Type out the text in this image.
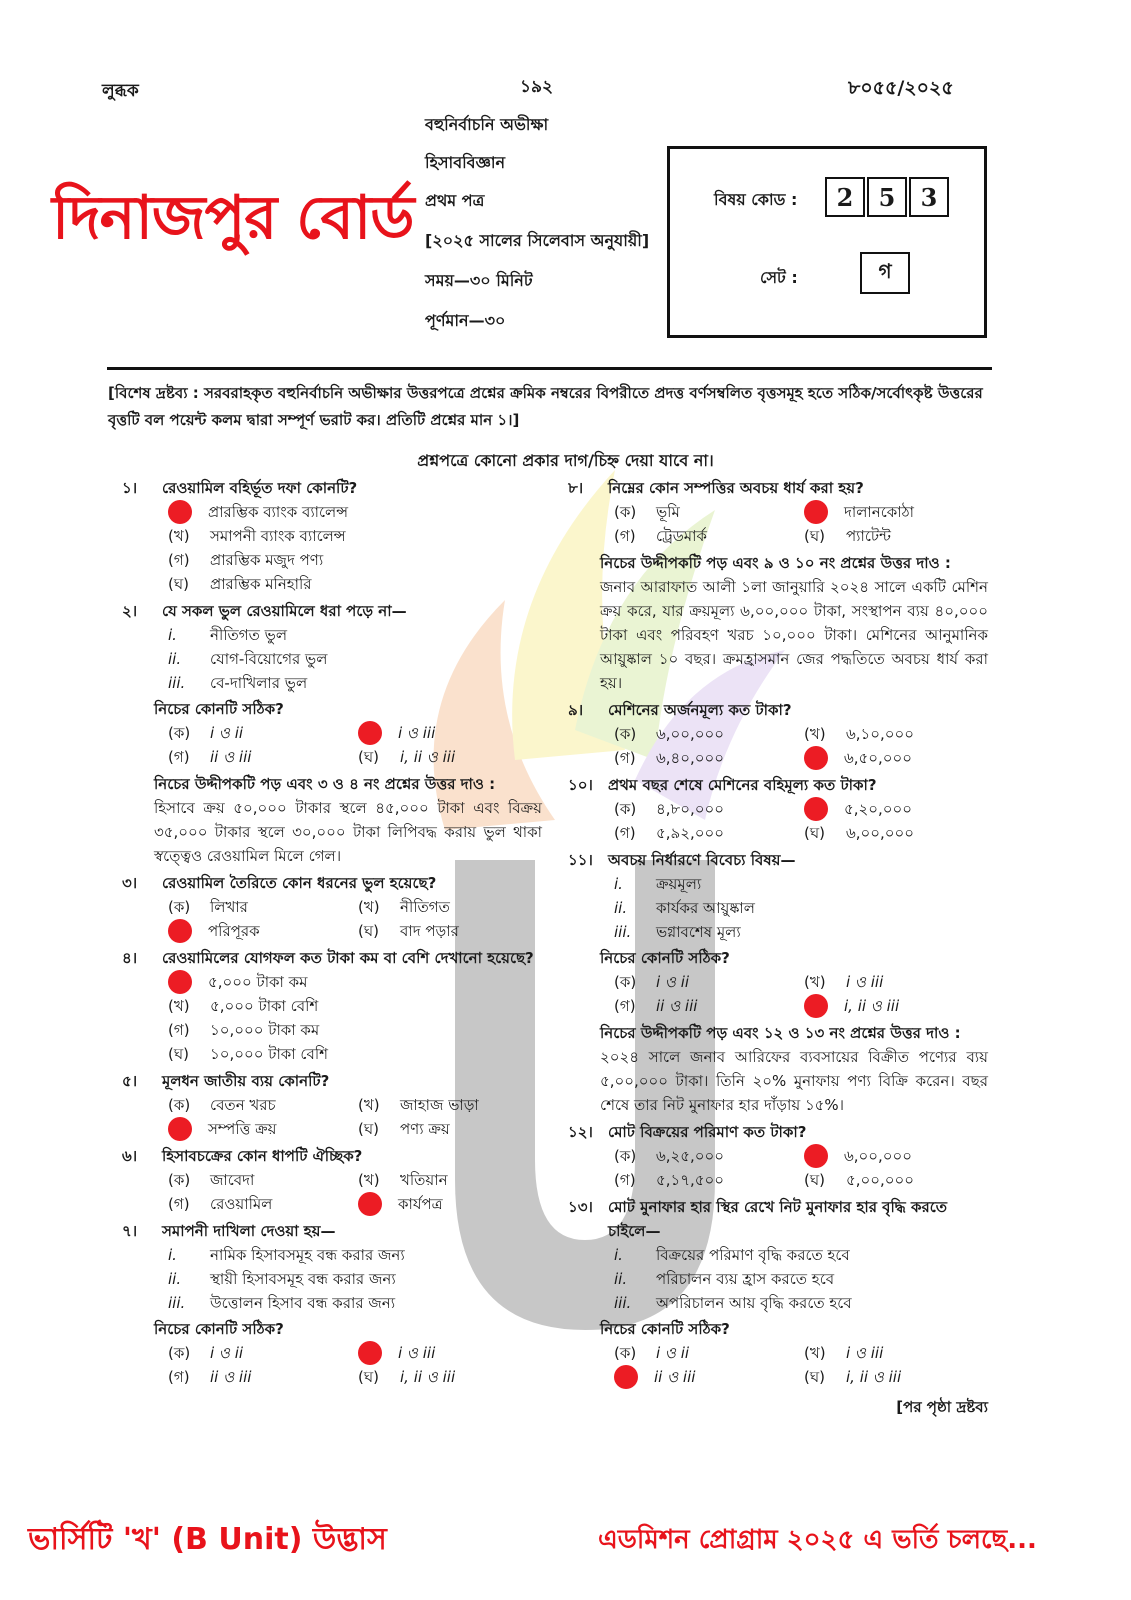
লুব্ধক	১৯২	৮০৫৫/২০২৫
দিনাজপুর বোর্ড
বহুনির্বাচনি অভীক্ষা
হিসাববিজ্ঞান
প্রথম পত্র
[২০২৫ সালের সিলেবাস অনুযায়ী]
সময়—৩০ মিনিট
পূর্ণমান—৩০
বিষয় কোড :	2	5	3
সেট :	গ
[বিশেষ দ্রষ্টব্য : সরবরাহকৃত বহুনির্বাচনি অভীক্ষার উত্তরপত্রে প্রশ্নের ক্রমিক নম্বরের বিপরীতে প্রদত্ত বর্ণসম্বলিত বৃত্তসমূহ হতে সঠিক/সর্বোৎকৃষ্ট উত্তরের বৃত্তটি বল পয়েন্ট কলম দ্বারা সম্পূর্ণ ভরাট কর। প্রতিটি প্রশ্নের মান ১।]
প্রশ্নপত্রে কোনো প্রকার দাগ/চিহ্ন দেয়া যাবে না।
১।	রেওয়ামিল বহির্ভূত দফা কোনটি?
প্রারম্ভিক ব্যাংক ব্যালেন্স
(খ)	সমাপনী ব্যাংক ব্যালেন্স
(গ)	প্রারম্ভিক মজুদ পণ্য
(ঘ)	প্রারম্ভিক মনিহারি
২।	যে সকল ভুল রেওয়ামিলে ধরা পড়ে না—
i.	নীতিগত ভুল
ii.	যোগ-বিয়োগের ভুল
iii.	বে-দাখিলার ভুল
নিচের কোনটি সঠিক?
(ক)	i ও ii	i ও iii
(গ)	ii ও iii	(ঘ)	i, ii ও iii
নিচের উদ্দীপকটি পড় এবং ৩ ও ৪ নং প্রশ্নের উত্তর দাও :
হিসাবে ক্রয় ৫০,০০০ টাকার স্থলে ৪৫,০০০ টাকা এবং বিক্রয় ৩৫,০০০ টাকার স্থলে ৩০,০০০ টাকা লিপিবদ্ধ করায় ভুল থাকা স্বত্ত্বেও রেওয়ামিল মিলে গেল।
৩।	রেওয়ামিল তৈরিতে কোন ধরনের ভুল হয়েছে?
(ক)	লিখার	(খ)	নীতিগত
পরিপূরক	(ঘ)	বাদ পড়ার
৪।	রেওয়ামিলের যোগফল কত টাকা কম বা বেশি দেখানো হয়েছে?
৫,০০০ টাকা কম
(খ)	৫,০০০ টাকা বেশি
(গ)	১০,০০০ টাকা কম
(ঘ)	১০,০০০ টাকা বেশি
৫।	মূলধন জাতীয় ব্যয় কোনটি?
(ক)	বেতন খরচ	(খ)	জাহাজ ভাড়া
সম্পত্তি ক্রয়	(ঘ)	পণ্য ক্রয়
৬।	হিসাবচক্রের কোন ধাপটি ঐচ্ছিক?
(ক)	জাবেদা	(খ)	খতিয়ান
(গ)	রেওয়ামিল	কার্যপত্র
৭।	সমাপনী দাখিলা দেওয়া হয়—
i.	নামিক হিসাবসমূহ বন্ধ করার জন্য
ii.	স্থায়ী হিসাবসমূহ বন্ধ করার জন্য
iii.	উত্তোলন হিসাব বন্ধ করার জন্য
নিচের কোনটি সঠিক?
(ক)	i ও ii	i ও iii
(গ)	ii ও iii	(ঘ)	i, ii ও iii
৮।	নিম্নের কোন সম্পত্তির অবচয় ধার্য করা হয়?
(ক)	ভূমি	দালানকোঠা
(গ)	ট্রেডমার্ক	(ঘ)	প্যাটেন্ট
নিচের উদ্দীপকটি পড় এবং ৯ ও ১০ নং প্রশ্নের উত্তর দাও :
জনাব আরাফাত আলী ১লা জানুয়ারি ২০২৪ সালে একটি মেশিন ক্রয় করে, যার ক্রয়মূল্য ৬,০০,০০০ টাকা, সংস্থাপন ব্যয় ৪০,০০০ টাকা এবং পরিবহণ খরচ ১০,০০০ টাকা। মেশিনের আনুমানিক আয়ুষ্কাল ১০ বছর। ক্রমহ্রাসমান জের পদ্ধতিতে অবচয় ধার্য করা হয়।
৯।	মেশিনের অর্জনমূল্য কত টাকা?
(ক)	৬,০০,০০০	(খ)	৬,১০,০০০
(গ)	৬,৪০,০০০	৬,৫০,০০০
১০।	প্রথম বছর শেষে মেশিনের বহিমূল্য কত টাকা?
(ক)	৪,৮০,০০০	৫,২০,০০০
(গ)	৫,৯২,০০০	(ঘ)	৬,০০,০০০
১১।	অবচয় নির্ধারণে বিবেচ্য বিষয়—
i.	ক্রয়মূল্য
ii.	কার্যকর আয়ুষ্কাল
iii.	ভগ্নাবশেষ মূল্য
নিচের কোনটি সঠিক?
(ক)	i ও ii	(খ)	i ও iii
(গ)	ii ও iii	i, ii ও iii
নিচের উদ্দীপকটি পড় এবং ১২ ও ১৩ নং প্রশ্নের উত্তর দাও :
২০২৪ সালে জনাব আরিফের ব্যবসায়ের বিক্রীত পণ্যের ব্যয় ৫,০০,০০০ টাকা। তিনি ২০% মুনাফায় পণ্য বিক্রি করেন। বছর শেষে তার নিট মুনাফার হার দাঁড়ায় ১৫%।
১২।	মোট বিক্রয়ের পরিমাণ কত টাকা?
(ক)	৬,২৫,০০০	৬,০০,০০০
(গ)	৫,১৭,৫০০	(ঘ)	৫,০০,০০০
১৩।	মোট মুনাফার হার স্থির রেখে নিট মুনাফার হার বৃদ্ধি করতে চাইলে—
i.	বিক্রয়ের পরিমাণ বৃদ্ধি করতে হবে
ii.	পরিচালন ব্যয় হ্রাস করতে হবে
iii.	অপরিচালন আয় বৃদ্ধি করতে হবে
নিচের কোনটি সঠিক?
(ক)	i ও ii	(খ)	i ও iii
ii ও iii	(ঘ)	i, ii ও iii
[পর পৃষ্ঠা দ্রষ্টব্য
ভার্সিটি 'খ' (B Unit) উদ্ভাস	এডমিশন প্রোগ্রাম ২০২৫ এ ভর্তি চলছে...
